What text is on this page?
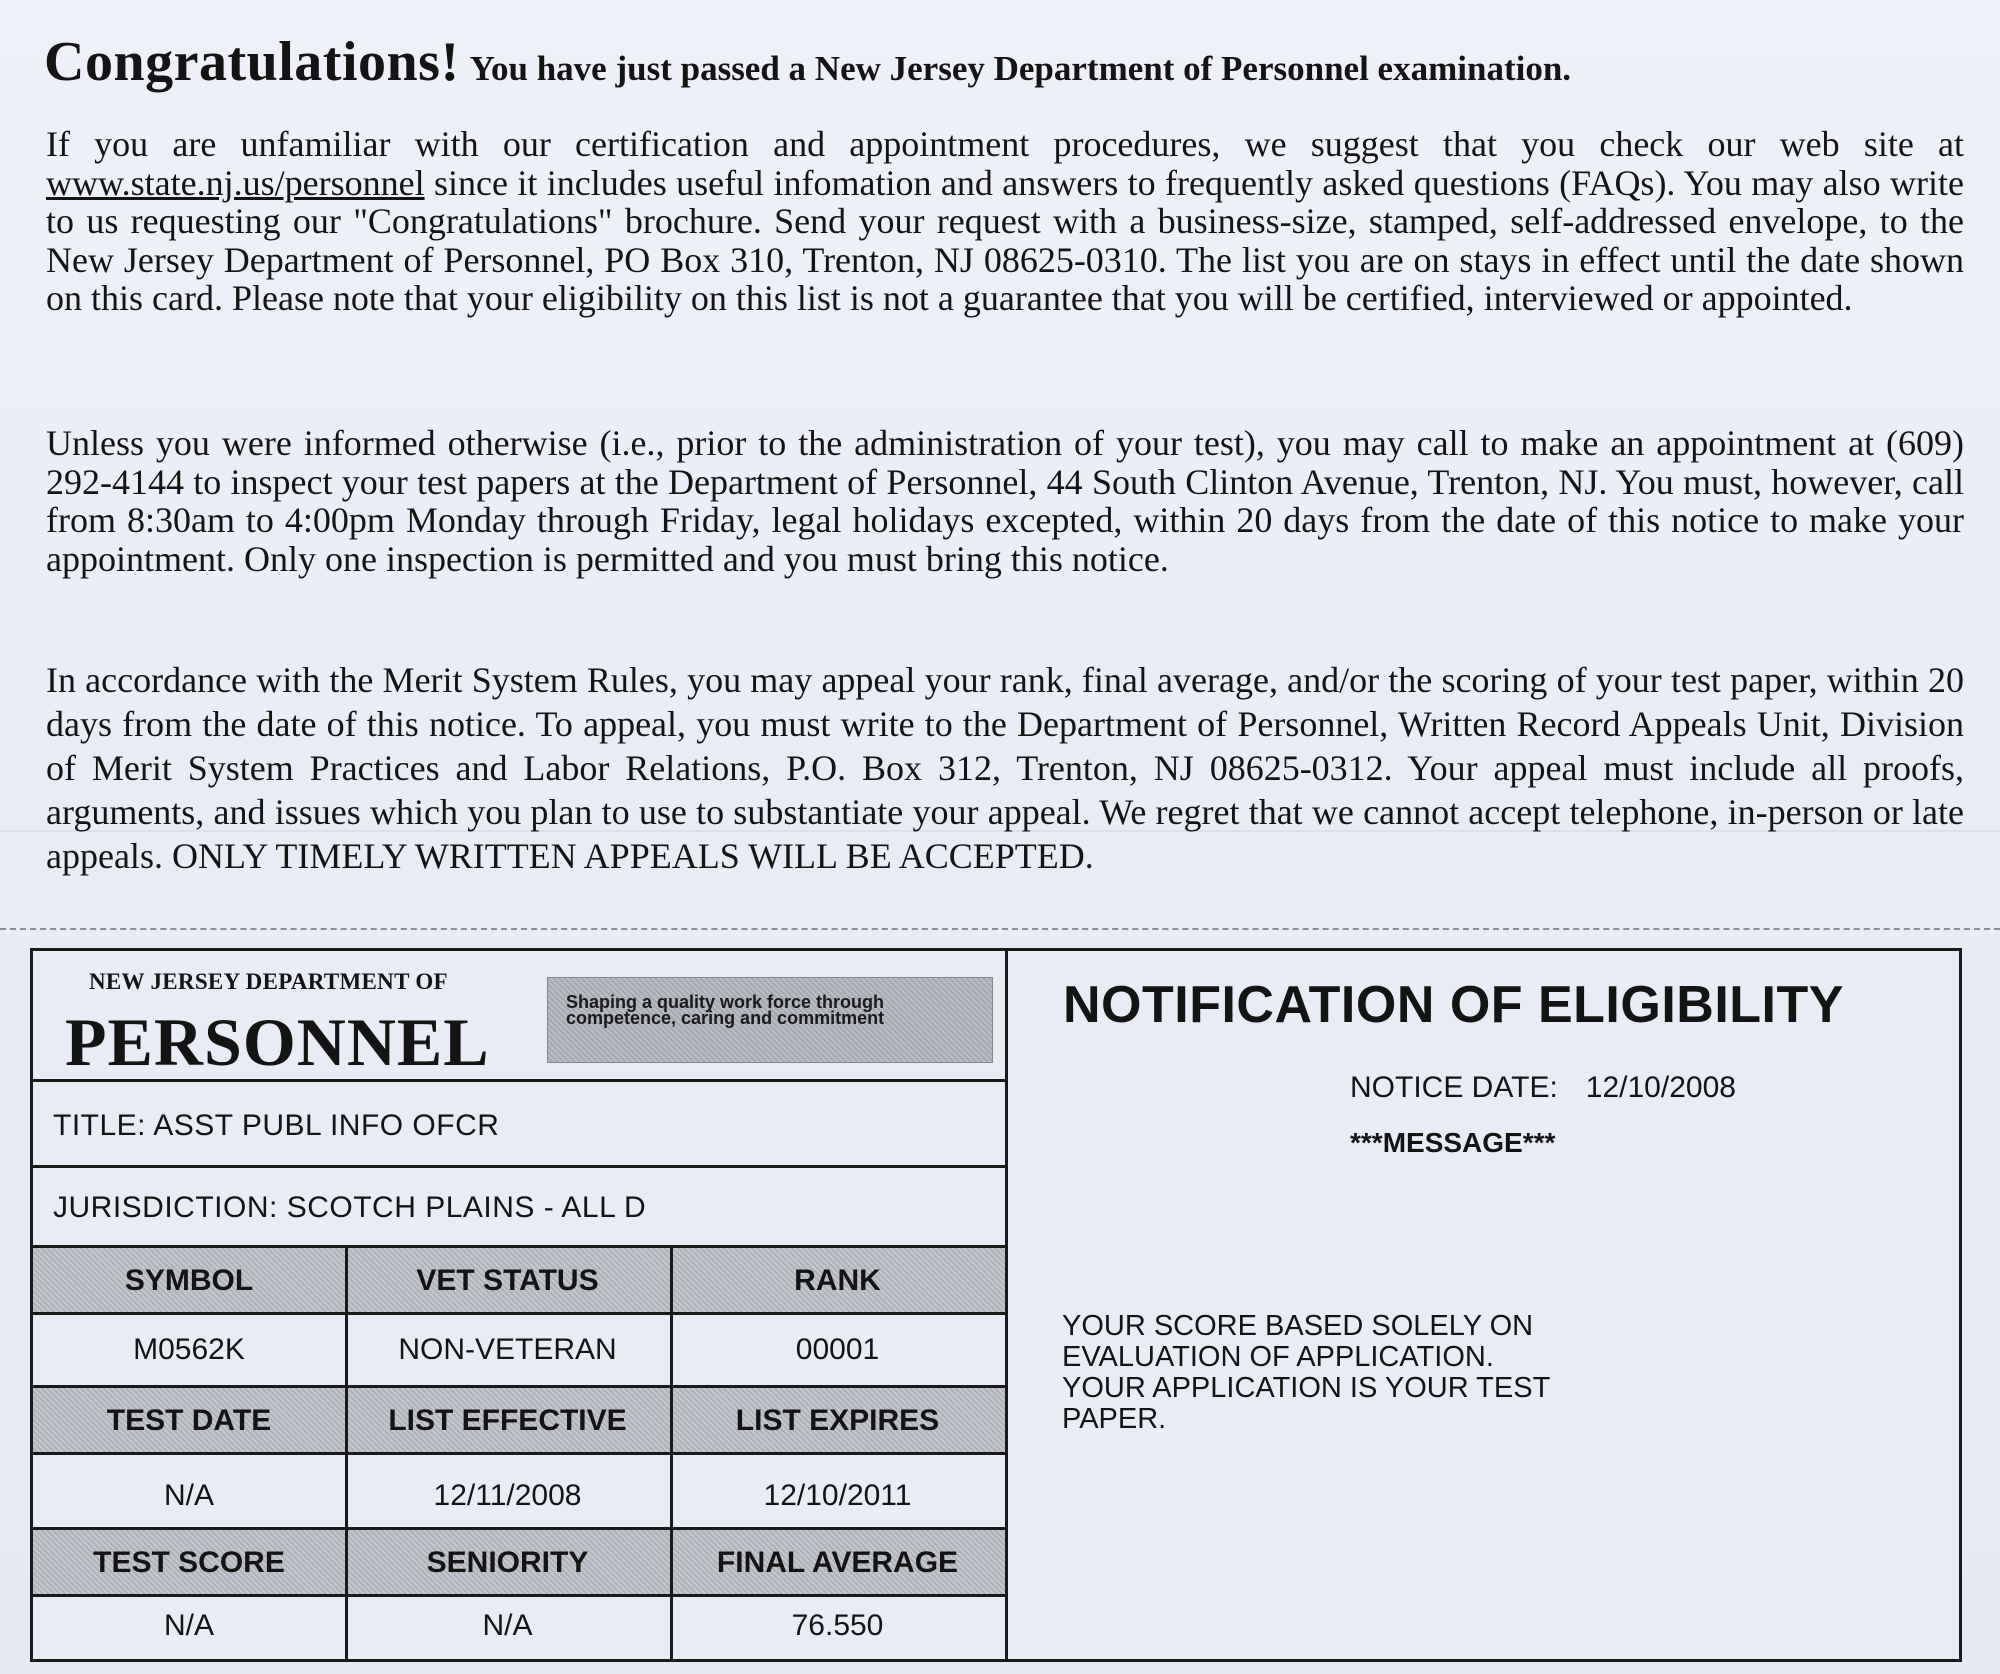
Congratulations! You have just passed a New Jersey Department of Personnel examination.
If you are unfamiliar with our certification and appointment procedures, we suggest that you check our web site at www.state.nj.us/personnel since it includes useful infomation and answers to frequently asked questions (FAQs). You may also write to us requesting our "Congratulations" brochure. Send your request with a business-size, stamped, self-addressed envelope, to the New Jersey Department of Personnel, PO Box 310, Trenton, NJ 08625-0310. The list you are on stays in effect until the date shown on this card. Please note that your eligibility on this list is not a guarantee that you will be certified, interviewed or appointed.
Unless you were informed otherwise (i.e., prior to the administration of your test), you may call to make an appointment at (609) 292-4144 to inspect your test papers at the Department of Personnel, 44 South Clinton Avenue, Trenton, NJ. You must, however, call from 8:30am to 4:00pm Monday through Friday, legal holidays excepted, within 20 days from the date of this notice to make your appointment. Only one inspection is permitted and you must bring this notice.
In accordance with the Merit System Rules, you may appeal your rank, final average, and/or the scoring of your test paper, within 20 days from the date of this notice. To appeal, you must write to the Department of Personnel, Written Record Appeals Unit, Division of Merit System Practices and Labor Relations, P.O. Box 312, Trenton, NJ 08625-0312. Your appeal must include all proofs, arguments, and issues which you plan to use to substantiate your appeal. We regret that we cannot accept telephone, in-person or late appeals. ONLY TIMELY WRITTEN APPEALS WILL BE ACCEPTED.
NEW JERSEY DEPARTMENT OF
PERSONNEL
Shaping a quality work force through
competence, caring and commitment
TITLE: ASST PUBL INFO OFCR
JURISDICTION: SCOTCH PLAINS - ALL D
SYMBOL	VET STATUS	RANK
M0562K	NON-VETERAN	00001
TEST DATE	LIST EFFECTIVE	LIST EXPIRES
N/A	12/11/2008	12/10/2011
TEST SCORE	SENIORITY	FINAL AVERAGE
N/A	N/A	76.550
NOTIFICATION OF ELIGIBILITY
NOTICE DATE: 12/10/2008
***MESSAGE***
YOUR SCORE BASED SOLELY ON
EVALUATION OF APPLICATION.
YOUR APPLICATION IS YOUR TEST
PAPER.
